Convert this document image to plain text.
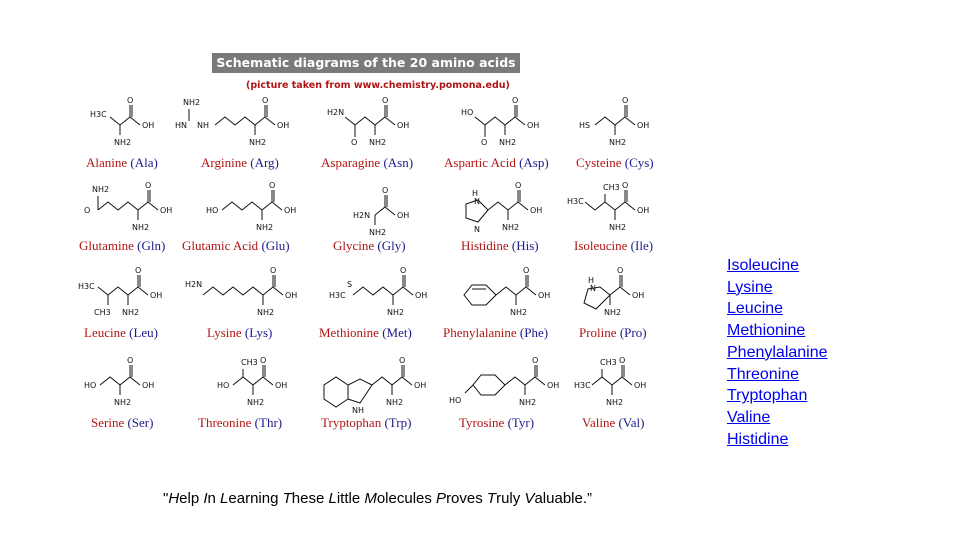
Schematic diagrams of the 20 amino acids
(picture taken from www.chemistry.pomona.edu)
O
OH
NH2
H3C
O
OH
NH2
NH
HN
NH2	O
OH
NH2
O
H2N
O
OH
NH2
O
HO
O
OH
NH2
HS
O
OH
NH2
NH2
O
O
OH
NH2
HO
O
OH
NH2
H2N
O
OH
NH2
H
N
N
O
OH
NH2
CH3
H3C
O
OH
NH2
CH3
H3C
O
OH
NH2
H2N
O
OH
NH2
S
H3C
O
OH
NH2
O
OH
NH2
H
N
O
OH
NH2
HO
O
OH
NH2
CH3
HO
O
OH
NH2
NH
O
OH
NH2
HO
O
OH
NH2
CH3
H3C
Alanine (Ala)	Arginine (Arg)	Asparagine (Asn) Aspartic Acid (Asp) Cysteine (Cys)
Glutamine (Gln) Glutamic Acid (Glu)	Glycine (Gly)	Histidine (His)	Isoleucine (Ile)
Leucine (Leu)	Lysine (Lys)	Methionine (Met) Phenylalanine (Phe) Proline (Pro)
Serine (Ser)	Threonine (Thr)	Tryptophan (Trp)	Tyrosine (Tyr)	Valine (Val)
Isoleucine
Lysine
Leucine
Methionine
Phenylalanine
Threonine
Tryptophan
Valine
Histidine
"Help In Learning These Little Molecules Proves Truly Valuable.”
